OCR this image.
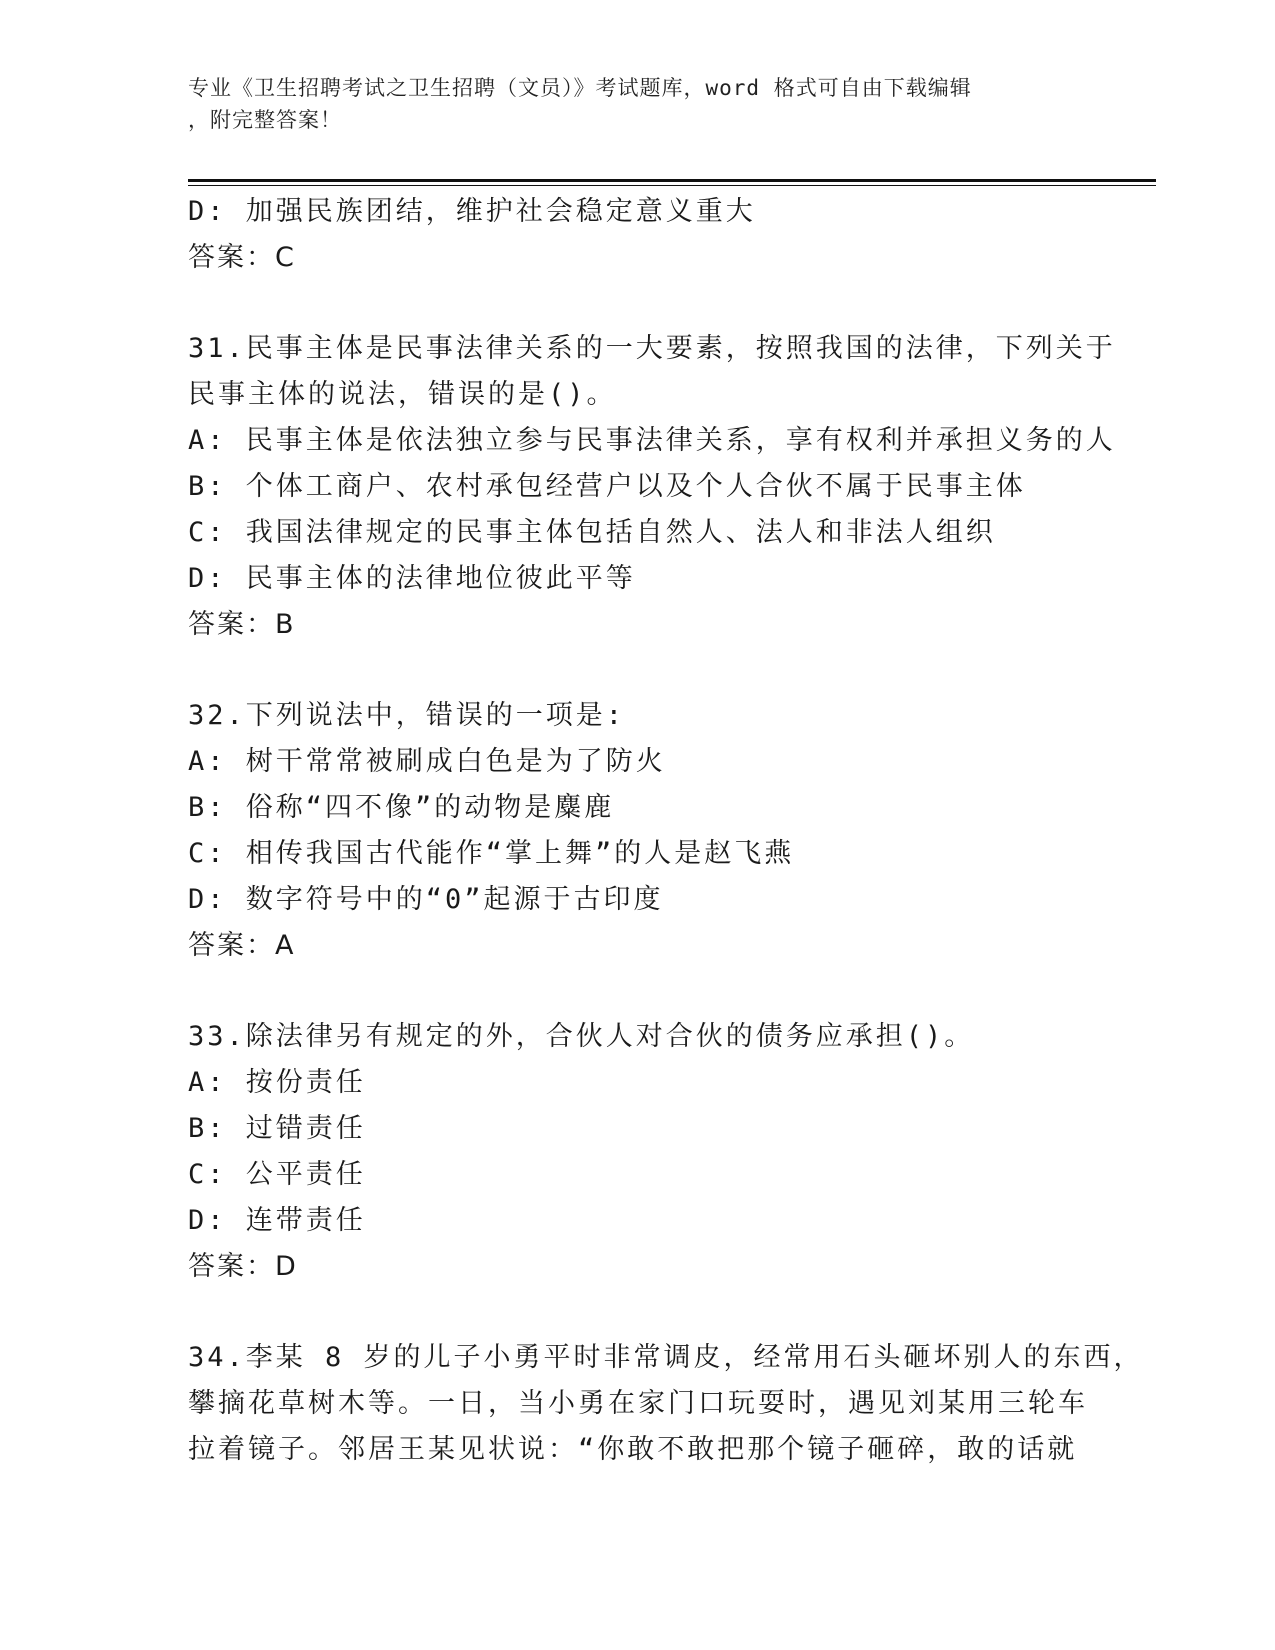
专业《卫生招聘考试之卫生招聘（文员）》考试题库，word 格式可自由下载编辑
，附完整答案！
D: 加强民族团结，维护社会稳定意义重大
答案：C
31.民事主体是民事法律关系的一大要素，按照我国的法律，下列关于
民事主体的说法，错误的是()。
A: 民事主体是依法独立参与民事法律关系，享有权利并承担义务的人
B: 个体工商户、农村承包经营户以及个人合伙不属于民事主体
C: 我国法律规定的民事主体包括自然人、法人和非法人组织
D: 民事主体的法律地位彼此平等
答案：B
32.下列说法中，错误的一项是:
A: 树干常常被刷成白色是为了防火
B: 俗称“四不像”的动物是麋鹿
C: 相传我国古代能作“掌上舞”的人是赵飞燕
D: 数字符号中的“0”起源于古印度
答案：A
33.除法律另有规定的外，合伙人对合伙的债务应承担()。
A: 按份责任
B: 过错责任
C: 公平责任
D: 连带责任
答案：D
34.李某 8 岁的儿子小勇平时非常调皮，经常用石头砸坏别人的东西，
攀摘花草树木等。一日，当小勇在家门口玩耍时，遇见刘某用三轮车
拉着镜子。邻居王某见状说：“你敢不敢把那个镜子砸碎，敢的话就
